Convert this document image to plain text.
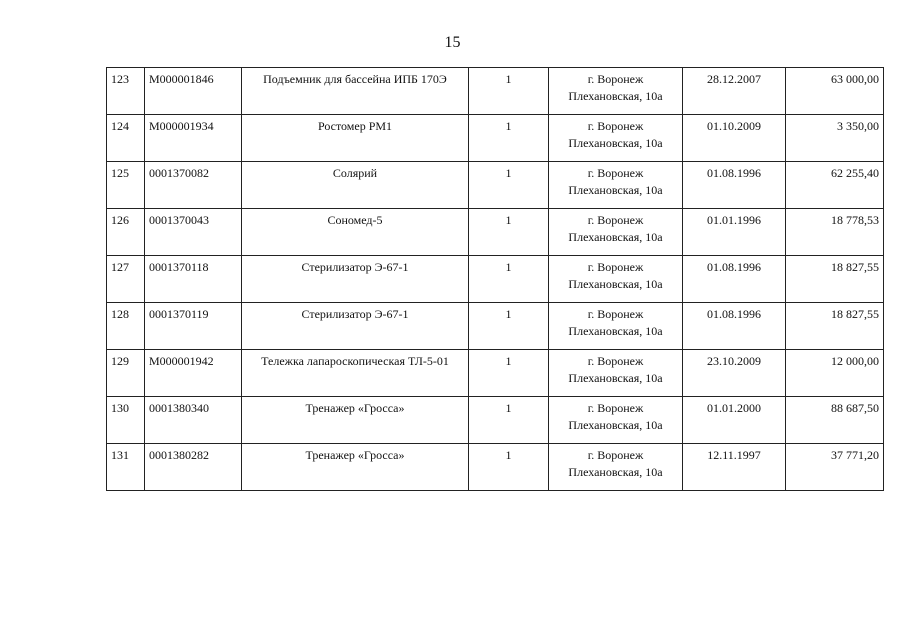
15
123	М000001846	Подъемник для бассейна ИПБ 170Э	1	г. Воронеж
Плехановская, 10а	28.12.2007	63 000,00
124	М000001934	Ростомер РМ1	1	г. Воронеж
Плехановская, 10а	01.10.2009	3 350,00
125	0001370082	Солярий	1	г. Воронеж
Плехановская, 10а	01.08.1996	62 255,40
126	0001370043	Сономед-5	1	г. Воронеж
Плехановская, 10а	01.01.1996	18 778,53
127	0001370118	Стерилизатор Э-67-1	1	г. Воронеж
Плехановская, 10а	01.08.1996	18 827,55
128	0001370119	Стерилизатор Э-67-1	1	г. Воронеж
Плехановская, 10а	01.08.1996	18 827,55
129	М000001942	Тележка лапароскопическая ТЛ-5-01	1	г. Воронеж
Плехановская, 10а	23.10.2009	12 000,00
130	0001380340	Тренажер «Гросса»	1	г. Воронеж
Плехановская, 10а	01.01.2000	88 687,50
131	0001380282	Тренажер «Гросса»	1	г. Воронеж
Плехановская, 10а	12.11.1997	37 771,20
